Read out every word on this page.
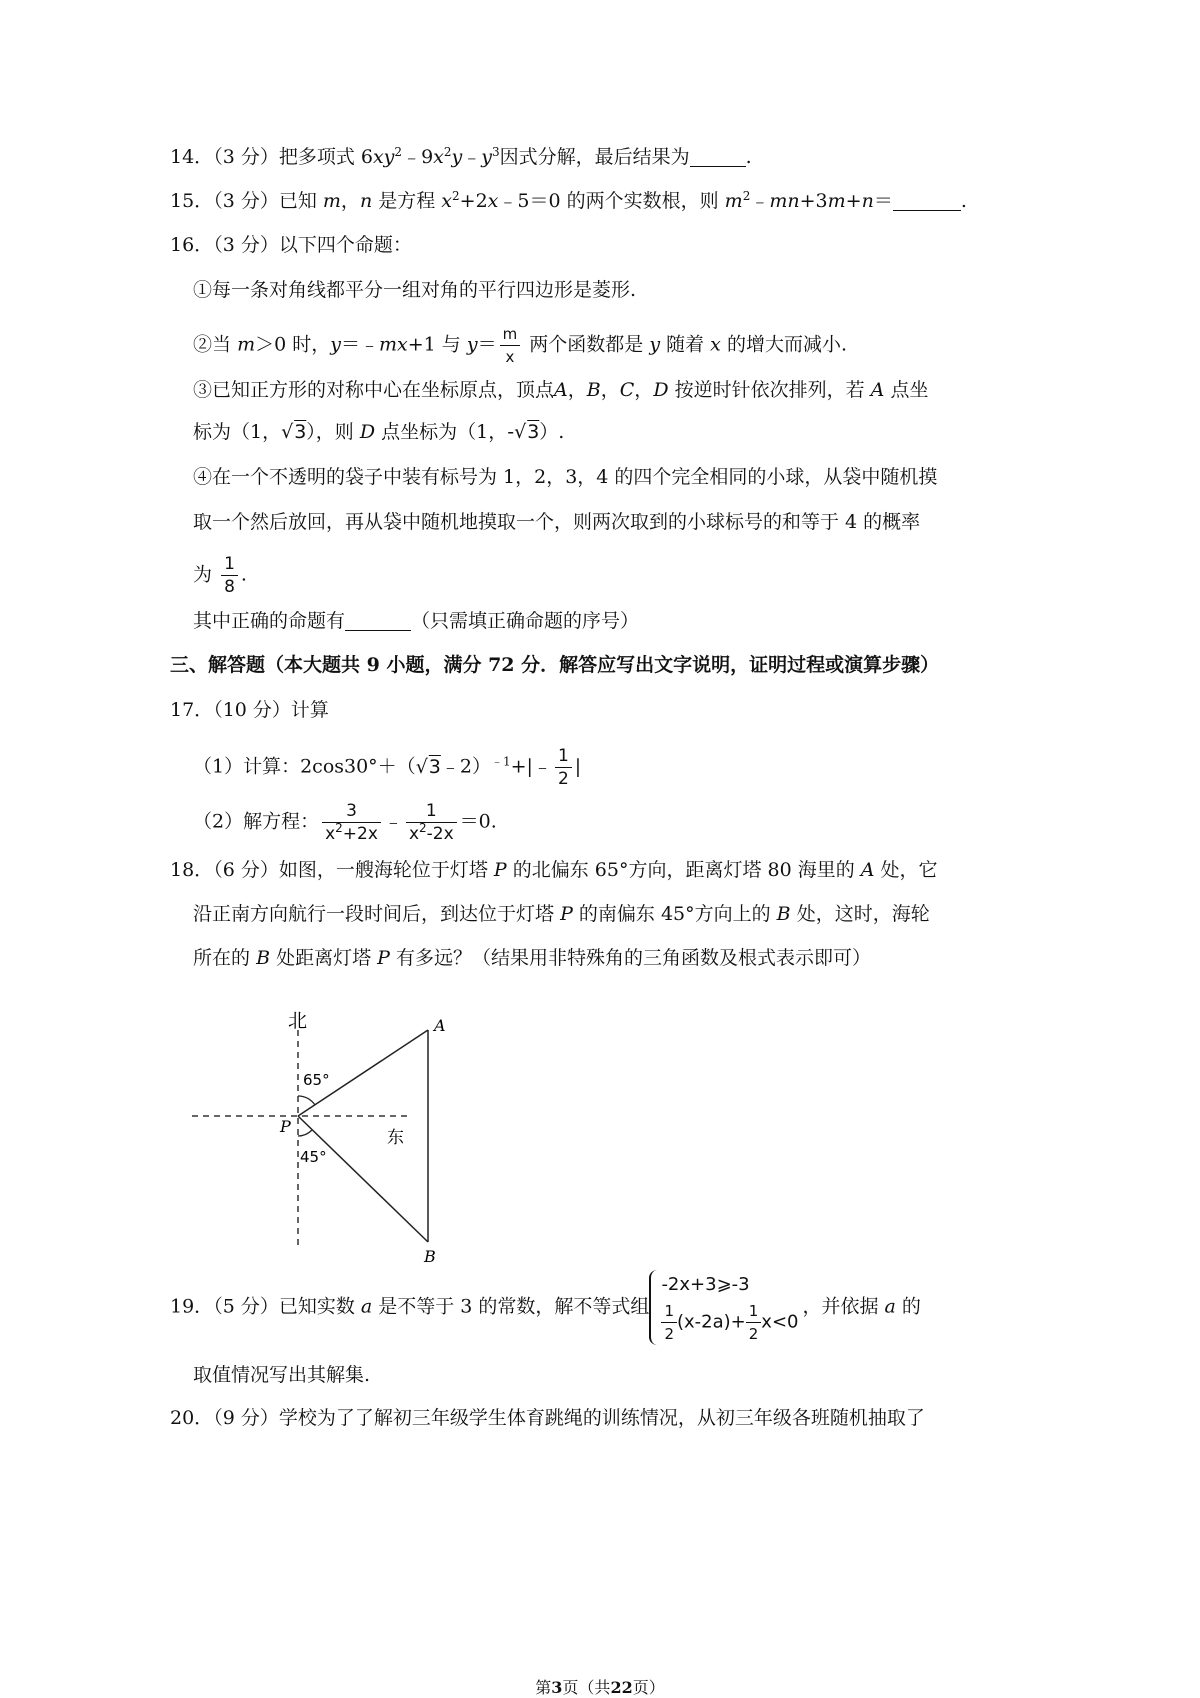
14．（3 分）把多项式 $6xy^2﹣9x^2y﹣y^3$因式分解，最后结果为	.
15．（3 分）已知 m，n 是方程 $x^2+2x﹣5=0$ 的两个实数根，则 $m^2﹣mn+3m+n=$	.
16．（3 分）以下四个命题：
①每一条对角线都平分一组对角的平行四边形是菱形.
②当 m＞0 时，y＝﹣mx+1 与 $y= \frac{m}{x}$ 两个函数都是 y 随着 x 的增大而减小.
③已知正方形的对称中心在坐标原点，顶点A，B，C，D 按逆时针依次排列，若 A 点坐
标为（1，√3），则 D 点坐标为（1，-√3）.
④在一个不透明的袋子中装有标号为 1，2，3，4 的四个完全相同的小球，从袋中随机摸
取一个然后放回，再从袋中随机地摸取一个，则两次取到的小球标号的和等于 4 的概率
为 $\frac{1}{8}$ .
其中正确的命题有	（只需填正确命题的序号）
三、解答题（本大题共 9 小题，满分 72 分．解答应写出文字说明，证明过程或演算步骤）
17．（10 分）计算
（1）计算：2cos30°＋（√3﹣2）$^{﹣1}$+|﹣ $\frac{1}{2}$ |
（2）解方程： $\frac{3}{x^2+2x}$ ﹣ $\frac{1}{x^2-2x} =0$.
18．（6 分）如图，一艘海轮位于灯塔 P 的北偏东 65°方向，距离灯塔 80 海里的 A 处，它
沿正南方向航行一段时间后，到达位于灯塔 P 的南偏东 45°方向上的 B 处，这时，海轮
所在的 B 处距离灯塔 P 有多远？（结果用非特殊角的三角函数及根式表示即可）
北
东
65°
45°
P
A
B
19．（5 分）已知实数 a 是不等于 3 的常数，解不等式组
-2x+3⩾-3
$\frac{1}{2} (x-2a)+ \frac{1}{2} x<0$
，并依据 a 的
取值情况写出其解集.
20．（9 分）学校为了了解初三年级学生体育跳绳的训练情况，从初三年级各班随机抽取了
第3页（共22页）
